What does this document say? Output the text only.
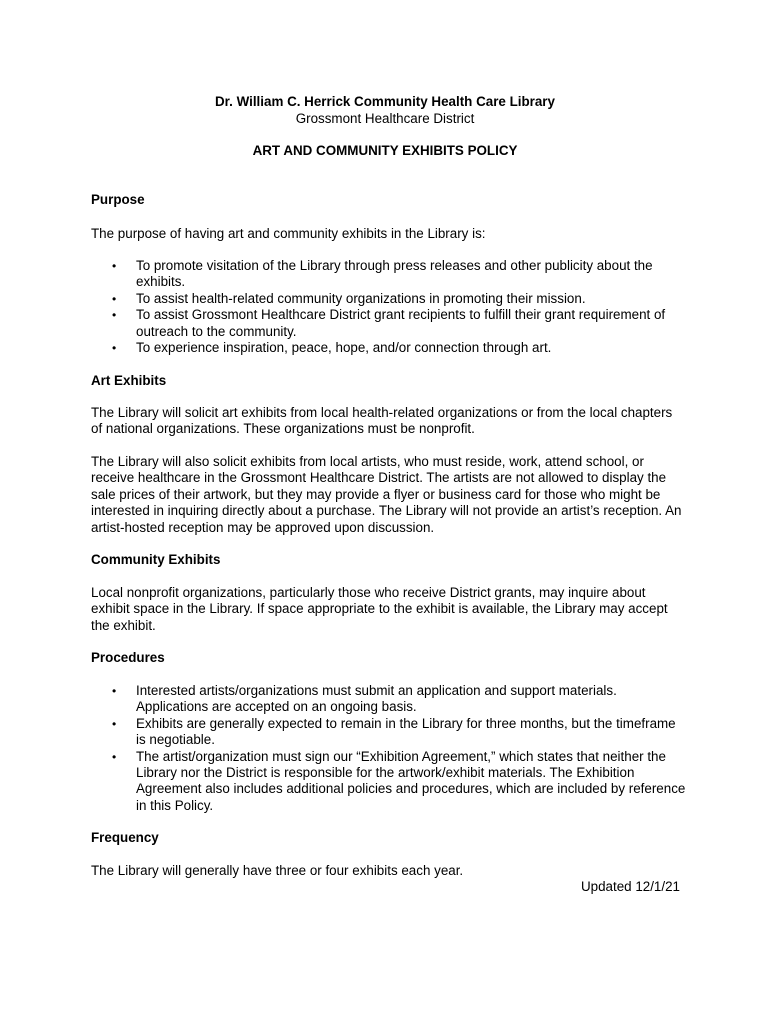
Dr. William C. Herrick Community Health Care Library
Grossmont Healthcare District
ART AND COMMUNITY EXHIBITS POLICY
Purpose

The purpose of having art and community exhibits in the Library is:

• To promote visitation of the Library through press releases and other publicity about the exhibits.
• To assist health-related community organizations in promoting their mission.
• To assist Grossmont Healthcare District grant recipients to fulfill their grant requirement of outreach to the community.
• To experience inspiration, peace, hope, and/or connection through art.
Art Exhibits

The Library will solicit art exhibits from local health-related organizations or from the local chapters of national organizations. These organizations must be nonprofit.

The Library will also solicit exhibits from local artists, who must reside, work, attend school, or receive healthcare in the Grossmont Healthcare District. The artists are not allowed to display the sale prices of their artwork, but they may provide a flyer or business card for those who might be interested in inquiring directly about a purchase. The Library will not provide an artist’s reception. An artist-hosted reception may be approved upon discussion.

Community Exhibits

Local nonprofit organizations, particularly those who receive District grants, may inquire about exhibit space in the Library. If space appropriate to the exhibit is available, the Library may accept the exhibit.

Procedures
• Interested artists/organizations must submit an application and support materials. Applications are accepted on an ongoing basis.
• Exhibits are generally expected to remain in the Library for three months, but the timeframe is negotiable.
• The artist/organization must sign our “Exhibition Agreement,” which states that neither the Library nor the District is responsible for the artwork/exhibit materials. The Exhibition Agreement also includes additional policies and procedures, which are included by reference in this Policy.
Frequency

The Library will generally have three or four exhibits each year.

Updated 12/1/21
